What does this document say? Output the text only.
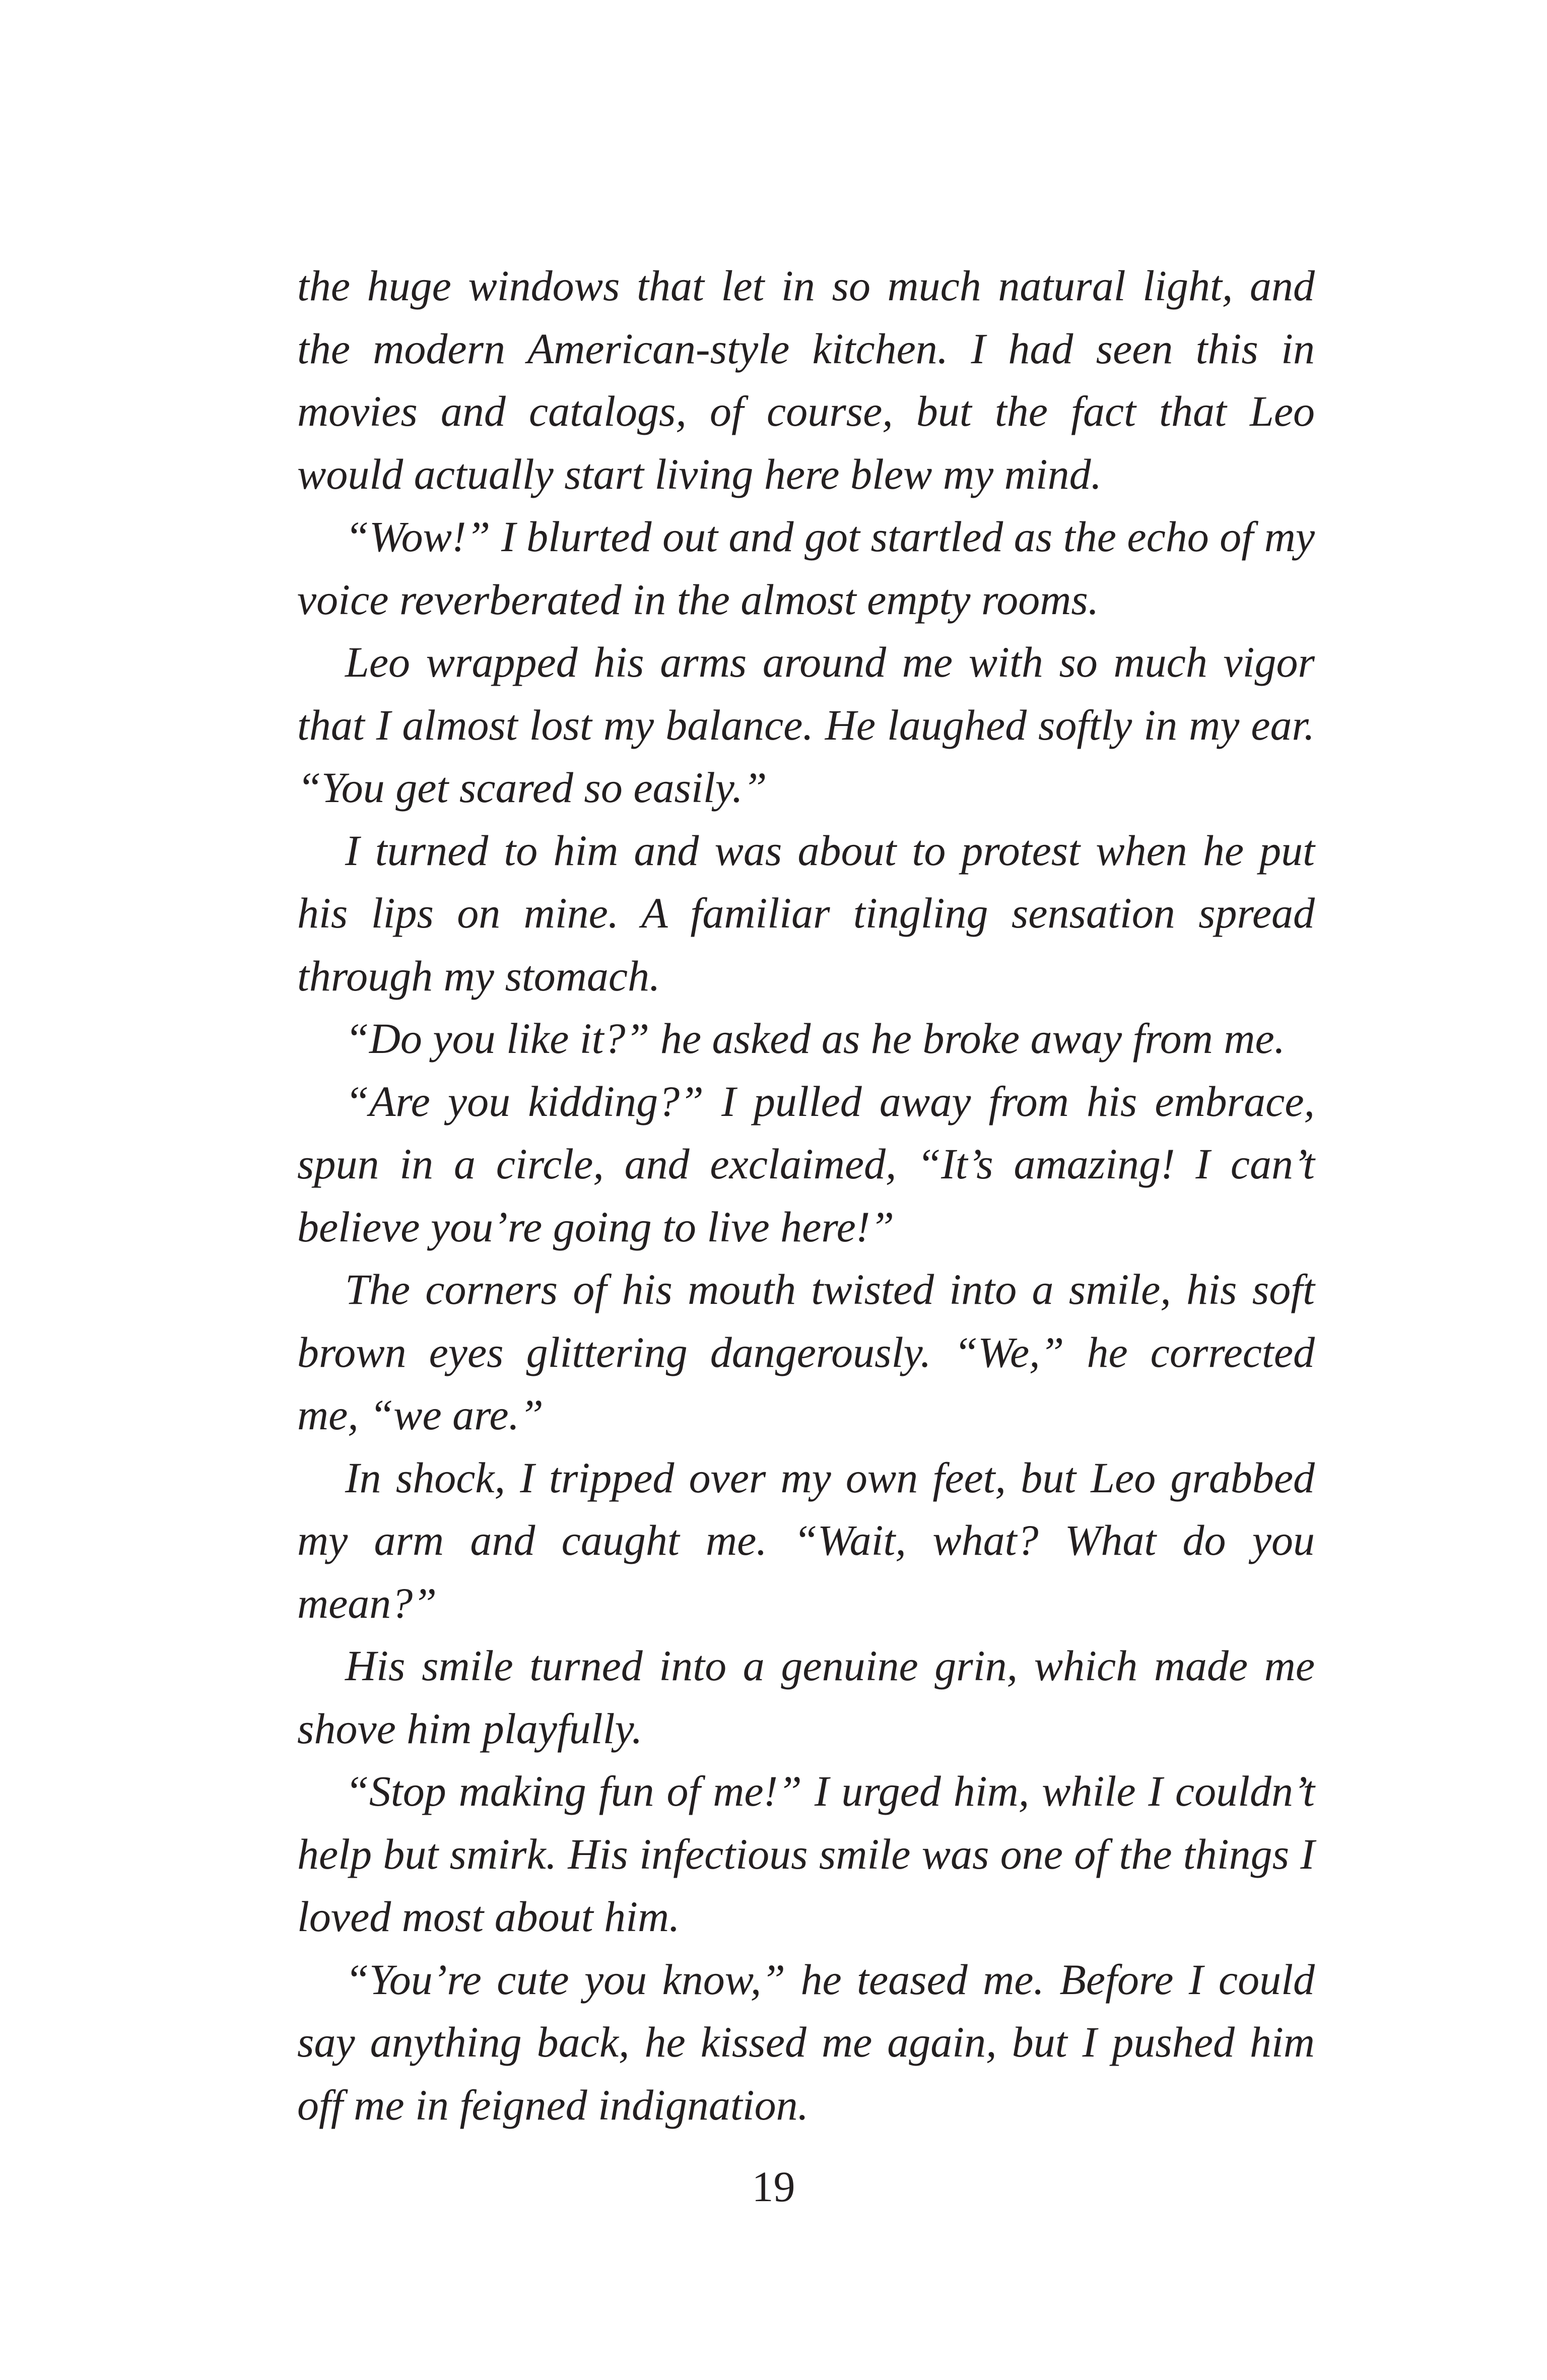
the huge windows that let in so much natural light, and the modern American-style kitchen. I had seen this in movies and catalogs, of course, but the fact that Leo would actually start living here blew my mind.

“Wow!” I blurted out and got startled as the echo of my voice reverberated in the almost empty rooms.

Leo wrapped his arms around me with so much vigor that I almost lost my balance. He laughed softly in my ear. “You get scared so easily.”

I turned to him and was about to protest when he put his lips on mine. A familiar tingling sensation spread through my stomach.

“Do you like it?” he asked as he broke away from me.

“Are you kidding?” I pulled away from his embrace, spun in a circle, and exclaimed, “It’s amazing! I can’t believe you’re going to live here!”

The corners of his mouth twisted into a smile, his soft brown eyes glittering dangerously. “We,” he corrected me, “we are.”

In shock, I tripped over my own feet, but Leo grabbed my arm and caught me. “Wait, what? What do you mean?”

His smile turned into a genuine grin, which made me shove him playfully.

“Stop making fun of me!” I urged him, while I couldn’t help but smirk. His infectious smile was one of the things I loved most about him.

“You’re cute you know,” he teased me. Before I could say anything back, he kissed me again, but I pushed him off me in feigned indignation.

19
